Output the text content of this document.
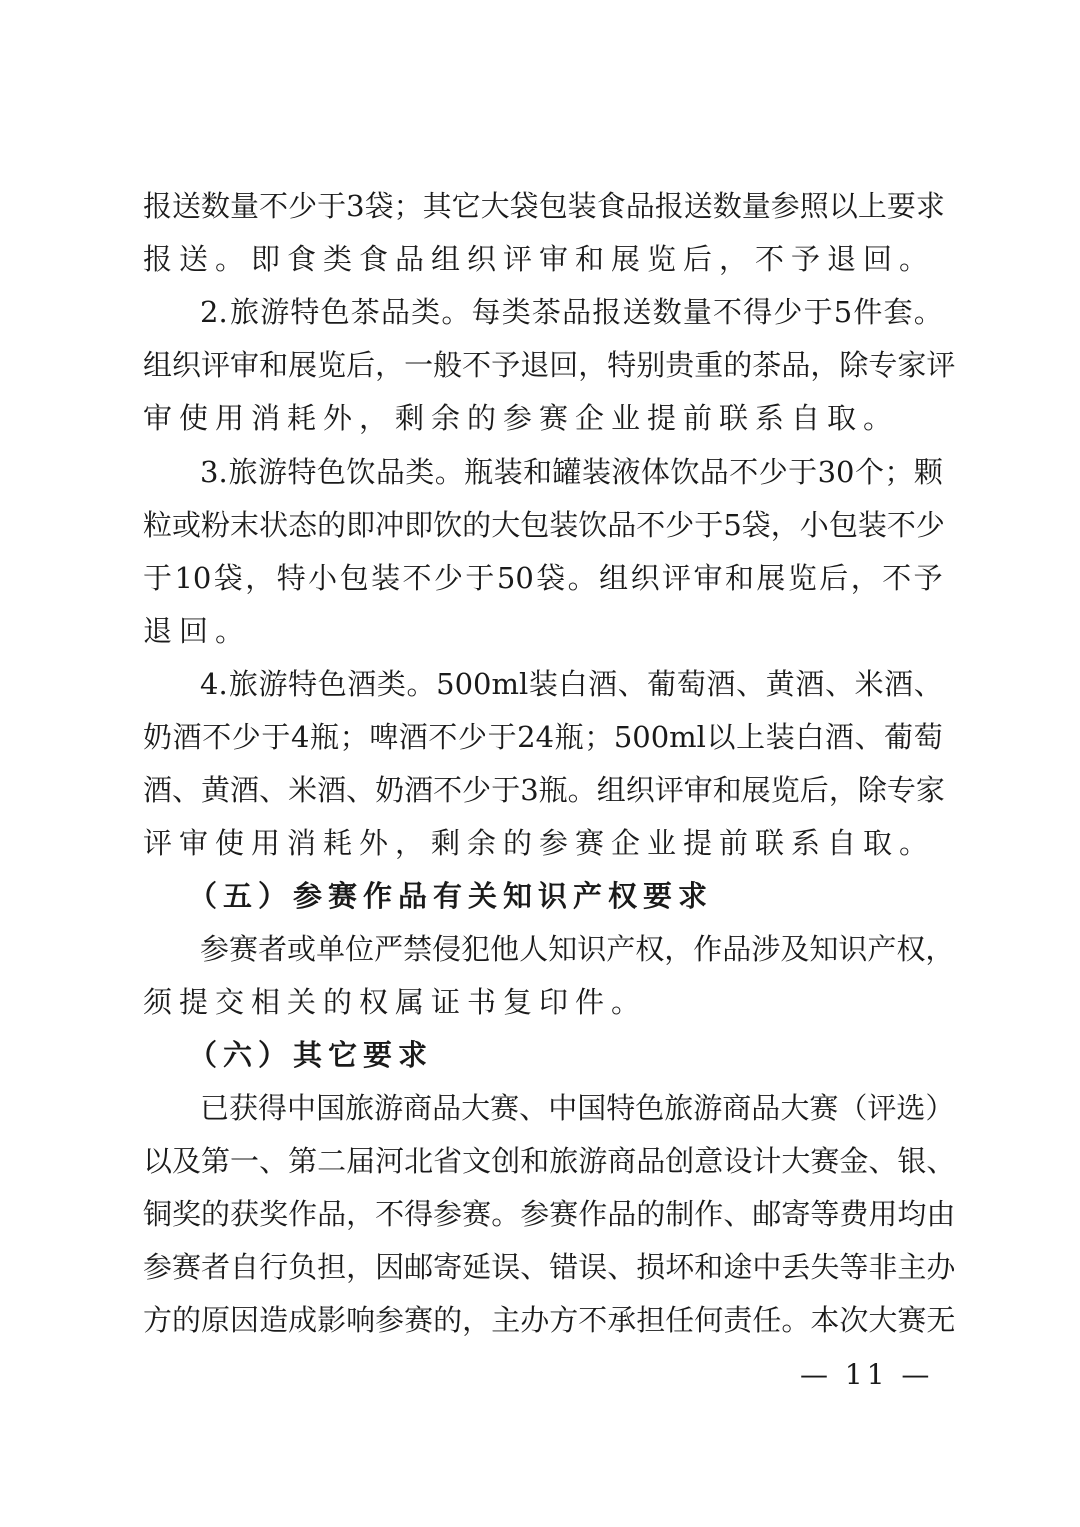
报 送 数 量 不 少 于 3 袋 ； 其 它 大 袋 包 装 食 品 报 送 数 量 参 照 以 上 要 求
报送。即食类食品组织评审和展览后，不予退回。
2. 旅 游 特 色 茶 品 类 。 每 类 茶 品 报 送 数 量 不 得 少 于 5 件 套 。
组 织 评 审 和 展 览 后 ， 一 般 不 予 退 回 ， 特 别 贵 重 的 茶 品 ， 除 专 家 评
审使用消耗外，剩余的参赛企业提前联系自取。
3. 旅 游 特 色 饮 品 类 。 瓶 装 和 罐 装 液 体 饮 品 不 少 于 30 个 ； 颗
粒 或 粉 末 状 态 的 即 冲 即 饮 的 大 包 装 饮 品 不 少 于 5 袋 ， 小 包 装 不 少
于 10 袋 ， 特 小 包 装 不 少 于 50 袋 。 组 织 评 审 和 展 览 后 ， 不 予
退回。
4. 旅 游 特 色 酒 类 。 500ml 装 白 酒 、 葡 萄 酒 、 黄 酒 、 米 酒 、
奶 酒 不 少 于 4 瓶 ； 啤 酒 不 少 于 24 瓶 ； 500ml 以 上 装 白 酒 、 葡 萄
酒 、 黄 酒 、 米 酒 、 奶 酒 不 少 于 3 瓶 。 组 织 评 审 和 展 览 后 ， 除 专 家
评审使用消耗外，剩余的参赛企业提前联系自取。
（五）参赛作品有关知识产权要求
参 赛 者 或 单 位 严 禁 侵 犯 他 人 知 识 产 权 ， 作 品 涉 及 知 识 产 权 ，
须提交相关的权属证书复印件。
（六）其它要求
已 获 得 中 国 旅 游 商 品 大 赛 、 中 国 特 色 旅 游 商 品 大 赛 （ 评 选 ）
以 及 第 一 、 第 二 届 河 北 省 文 创 和 旅 游 商 品 创 意 设 计 大 赛 金 、 银 、
铜 奖 的 获 奖 作 品 ， 不 得 参 赛 。 参 赛 作 品 的 制 作 、 邮 寄 等 费 用 均 由
参 赛 者 自 行 负 担 ， 因 邮 寄 延 误 、 错 误 、 损 坏 和 途 中 丢 失 等 非 主 办
方 的 原 因 造 成 影 响 参 赛 的 ， 主 办 方 不 承 担 任 何 责 任 。 本 次 大 赛 无
— 11 —
